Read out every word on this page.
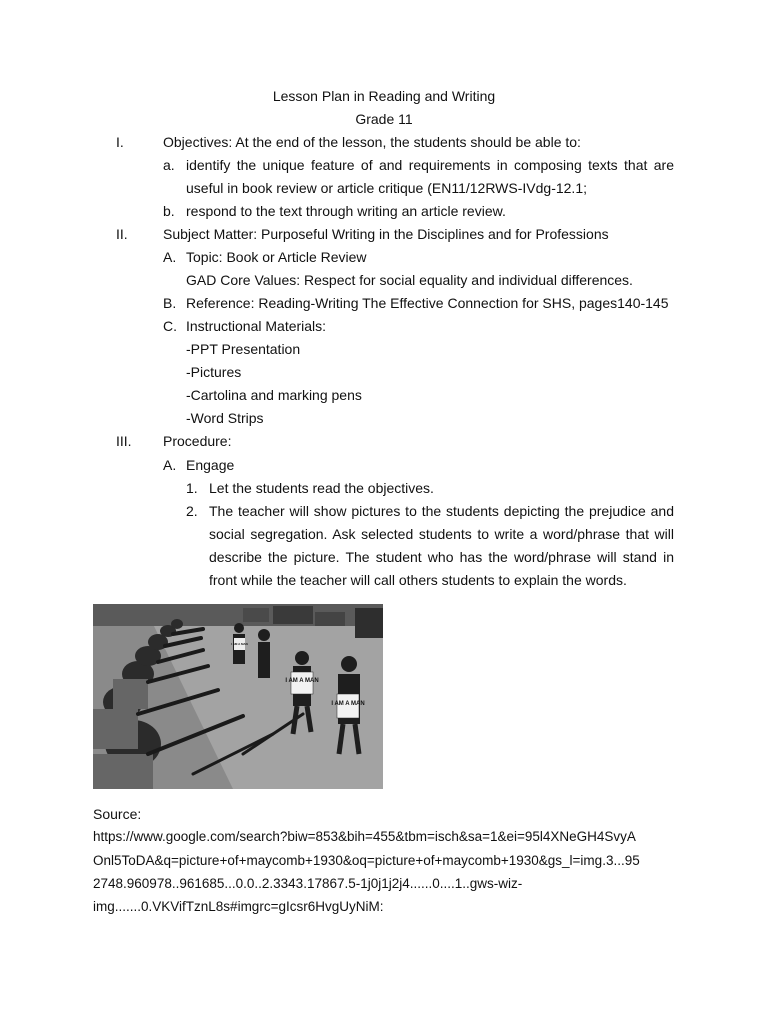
Lesson Plan in Reading and Writing
Grade 11
I.	Objectives: At the end of the lesson, the students should be able to:
a. identify the unique feature of and requirements in composing texts that are
useful in book review or article critique (EN11/12RWS-IVdg-12.1;
b. respond to the text through writing an article review.
II.	Subject Matter: Purposeful Writing in the Disciplines and for Professions
A. Topic: Book or Article Review
GAD Core Values: Respect for social equality and individual differences.
B. Reference: Reading-Writing The Effective Connection for SHS, pages140-145
C. Instructional Materials:
-PPT Presentation
-Pictures
-Cartolina and marking pens
-Word Strips
III. Procedure:
A. Engage
1. Let the students read the objectives.
2. The teacher will show pictures to the students depicting the prejudice and
social segregation. Ask selected students to write a word/phrase that will
describe the picture. The student who has the word/phrase will stand in
front while the teacher will call others students to explain the words.
I AM A MAN
I AM A MAN
I AM A MAN
Source:
https://www.google.com/search?biw=853&bih=455&tbm=isch&sa=1&ei=95l4XNeGH4SvyA
Onl5ToDA&q=picture+of+maycomb+1930&oq=picture+of+maycomb+1930&gs_l=img.3...95
2748.960978..961685...0.0..2.3343.17867.5-1j0j1j2j4......0....1..gws-wiz-
img.......0.VKVifTznL8s#imgrc=gIcsr6HvgUyNiM:
